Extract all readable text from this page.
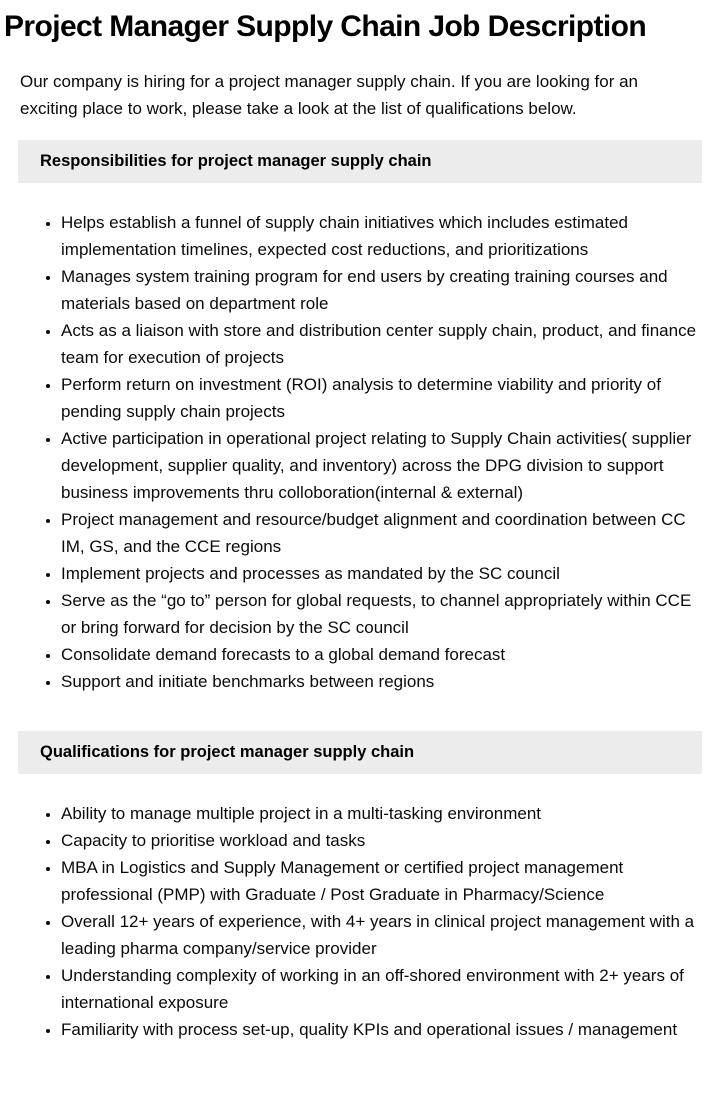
Project Manager Supply Chain Job Description

Our company is hiring for a project manager supply chain. If you are looking for an exciting place to work, please take a look at the list of qualifications below.

Responsibilities for project manager supply chain
• Helps establish a funnel of supply chain initiatives which includes estimated implementation timelines, expected cost reductions, and prioritizations
• Manages system training program for end users by creating training courses and materials based on department role
• Acts as a liaison with store and distribution center supply chain, product, and finance team for execution of projects
• Perform return on investment (ROI) analysis to determine viability and priority of pending supply chain projects
• Active participation in operational project relating to Supply Chain activities( supplier development, supplier quality, and inventory) across the DPG division to support business improvements thru colloboration(internal & external)
• Project management and resource/budget alignment and coordination between CC IM, GS, and the CCE regions
• Implement projects and processes as mandated by the SC council
• Serve as the “go to” person for global requests, to channel appropriately within CCE or bring forward for decision by the SC council
• Consolidate demand forecasts to a global demand forecast
• Support and initiate benchmarks between regions
Qualifications for project manager supply chain
• Ability to manage multiple project in a multi-tasking environment
• Capacity to prioritise workload and tasks
• MBA in Logistics and Supply Management or certified project management professional (PMP) with Graduate / Post Graduate in Pharmacy/Science
• Overall 12+ years of experience, with 4+ years in clinical project management with a leading pharma company/service provider
• Understanding complexity of working in an off-shored environment with 2+ years of international exposure
• Familiarity with process set-up, quality KPIs and operational issues / management
